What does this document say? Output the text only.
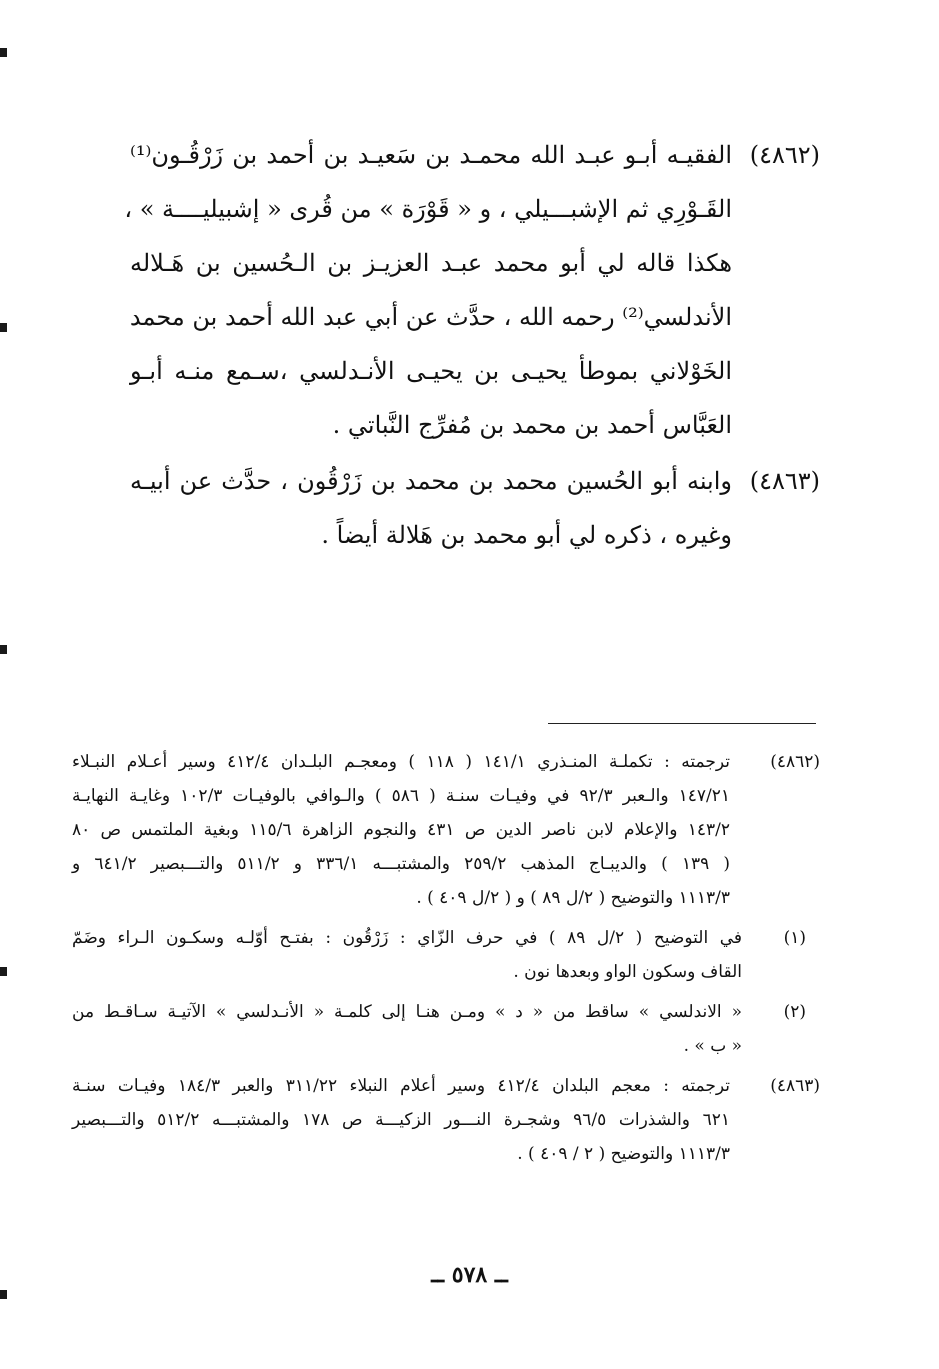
(٤٨٦٢)
الفقيـه أبـو عبـد الله محمـد بن سَعيـد بن أحمد بن زَرْقُـون⁽¹⁾
القَـوْرِي ثم الإشبـــيلي ، و « قَوْرَة » من قُرى « إشبيليــــة » ،
هكذا قاله لي أبو محمد عبـد العزيـز بن الـحُسين بن هَـلاله
الأندلسي⁽²⁾ رحمه الله ، حدَّث عن أبي عبد الله أحمد بن محمد
الخَوْلاني بموطأ يحيـى بن يحيـى الأنـدلسي ،سـمع منـه أبـو
العَبَّاس أحمد بن محمد بن مُفرِّج النَّباتي .
(٤٨٦٣)
وابنه أبو الحُسين محمد بن محمد بن زَرْقُون ، حدَّث عن أبيـه
وغيره ، ذكره لي أبو محمد بن هَلالة أيضاً .
(٤٨٦٢)
ترجمته : تكملـة المنـذري ١٤١/١ ( ١١٨ ) ومعجـم البلـدان ٤١٢/٤ وسير أعـلام النبـلاء
١٤٧/٢١ والـعبر ٩٢/٣ في وفيـات سنـة ( ٥٨٦ ) والـوافي بالوفيـات ١٠٢/٣ وغايـة النهايـة
١٤٣/٢ والإعلام لابن ناصر الدين ص ٤٣١ والنجوم الزاهرة ١١٥/٦ وبغية الملتمس ص ٨٠
( ١٣٩ ) والديبـاج المذهب ٢٥٩/٢ والمشتبـــه ٣٣٦/١ و ٥١١/٢ والتـــبصير ٦٤١/٢ و
١١١٣/٣ والتوضيح ( ٢/ل ٨٩ ) و ( ٢/ل ٤٠٩ ) .
(١)
في التوضيح ( ٢/ل ٨٩ ) في حرف الزّاي : زَرْقُون : بفتـح أوّلـه وسكـون الـراء وضَمّ
القاف وسكون الواو وبعدها نون .
(٢)
« الاندلسي » ساقط من « د » ومـن هنـا إلى كلمـة « الأنـدلسي » الآتيـة سـاقـط من
« ب » .
(٤٨٦٣)
ترجمته : معجم البلدان ٤١٢/٤ وسير أعلام النبلاء ٣١١/٢٢ والعبر ١٨٤/٣ وفيـات سنـة
٦٢١ والشذرات ٩٦/٥ وشجـرة النـــور الزكيـــة ص ١٧٨ والمشتبـــه ٥١٢/٢ والتـــبصير
١١١٣/٣ والتوضيح ( ٢ / ٤٠٩ ) .
ــ ٥٧٨ ــ
